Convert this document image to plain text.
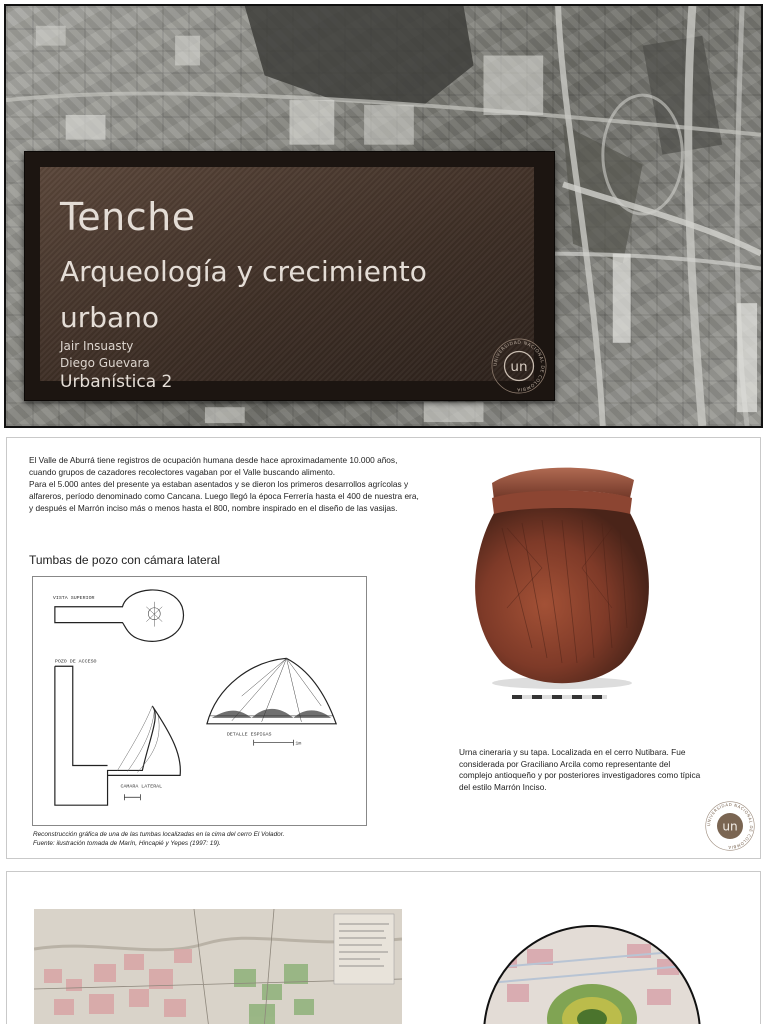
Tenche
Arqueología y crecimiento urbano
Jair Insuasty
Diego Guevara
Urbanística 2
UNIVERSIDAD NACIONAL DE COLOMBIA
un

El Valle de Aburrá tiene registros de ocupación humana desde hace aproximadamente 10.000 años, cuando grupos de cazadores recolectores vagaban por el Valle buscando alimento.

Para el 5.000 antes del presente ya estaban asentados y se dieron los primeros desarrollos agrícolas y alfareros, período denominado como Cancana. Luego llegó la época Ferrería hasta el 400 de nuestra era, y después el Marrón inciso más o menos hasta el 800, nombre inspirado en el diseño de las vasijas.

Tumbas de pozo con cámara lateral
VISTA SUPERIOR
POZO DE ACCESO
CAMARA LATERAL
DETALLE ESPIGAS
1m
Reconstrucción gráfica de una de las tumbas localizadas en la cima del cerro El Volador.
Fuente: ilustración tomada de Marín, Hincapié y Yepes (1997: 19).
Urna cineraria y su tapa. Localizada en el cerro Nutibara. Fue considerada por Graciliano Arcila como representante del complejo antioqueño y por posteriores investigadores como típica del estilo Marrón Inciso.
UNIVERSIDAD NACIONAL DE COLOMBIA
un
